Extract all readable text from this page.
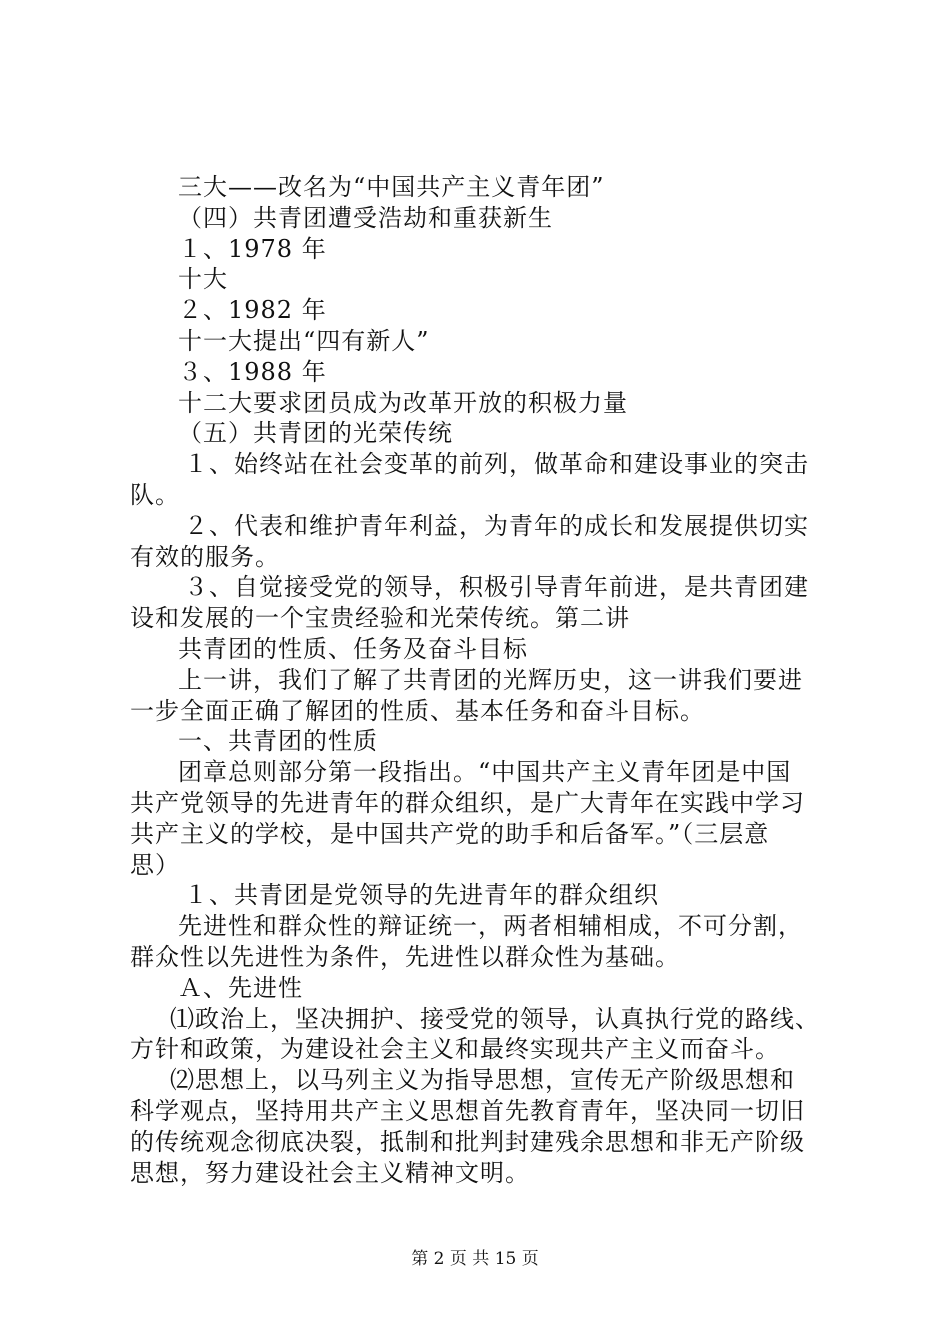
三大——改名为“中国共产主义青年团”
（四）共青团遭受浩劫和重获新生
１、1978 年
十大
２、1982 年
十一大提出“四有新人”
３、1988 年
十二大要求团员成为改革开放的积极力量
（五）共青团的光荣传统
１、始终站在社会变革的前列，做革命和建设事业的突击
队。
２、代表和维护青年利益，为青年的成长和发展提供切实
有效的服务。
３、自觉接受党的领导，积极引导青年前进，是共青团建
设和发展的一个宝贵经验和光荣传统。第二讲
共青团的性质、任务及奋斗目标
上一讲，我们了解了共青团的光辉历史，这一讲我们要进
一步全面正确了解团的性质、基本任务和奋斗目标。
一、共青团的性质
团章总则部分第一段指出。“中国共产主义青年团是中国
共产党领导的先进青年的群众组织，是广大青年在实践中学习
共产主义的学校，是中国共产党的助手和后备军。”（三层意
思）
１、共青团是党领导的先进青年的群众组织
先进性和群众性的辩证统一，两者相辅相成，不可分割，
群众性以先进性为条件，先进性以群众性为基础。
Ａ、先进性
⑴政治上，坚决拥护、接受党的领导，认真执行党的路线、
方针和政策，为建设社会主义和最终实现共产主义而奋斗。
⑵思想上，以马列主义为指导思想，宣传无产阶级思想和
科学观点，坚持用共产主义思想首先教育青年，坚决同一切旧
的传统观念彻底决裂，抵制和批判封建残余思想和非无产阶级
思想，努力建设社会主义精神文明。
第 2 页 共 15 页
